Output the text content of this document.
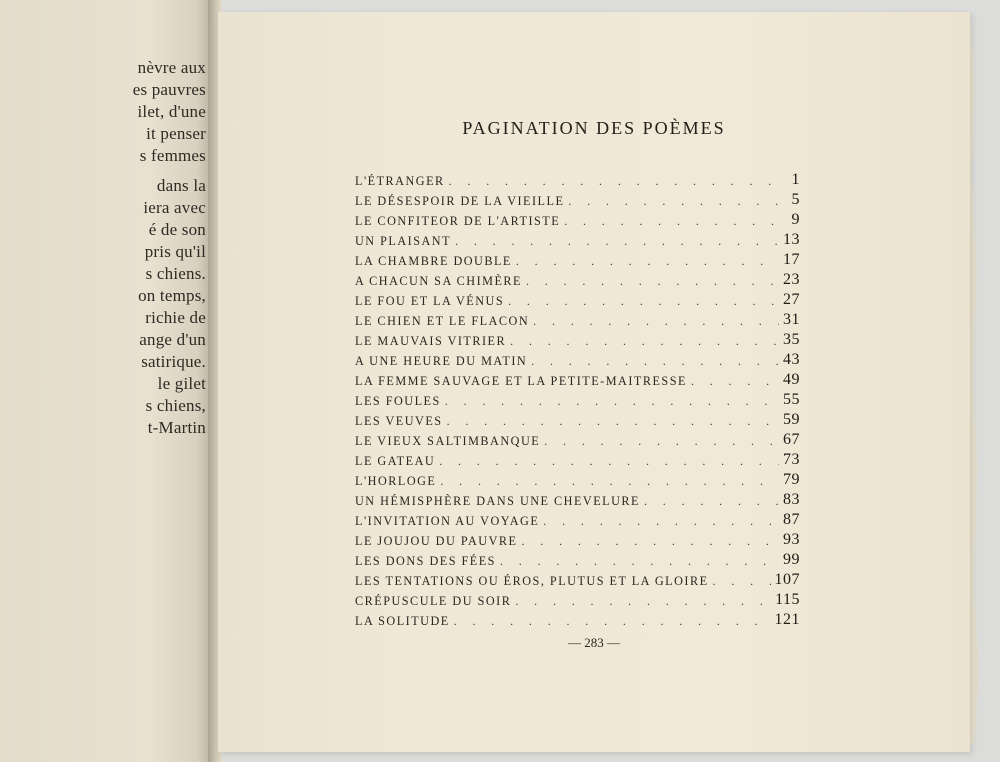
nèvre aux
es pauvres
ilet, d'une
it penser
s femmes
dans la
iera avec
é de son
pris qu'il
s chiens.
on temps,
richie de
ange d'un
satirique.
le gilet
s chiens,
t-Martin
PAGINATION DES POÈMES
L'ÉTRANGER . . .	1
LE DÉSESPOIR DE LA VIEILLE . . .	5
LE CONFITEOR DE L'ARTISTE . . .	9
UN PLAISANT . . .	13
LA CHAMBRE DOUBLE . . .	17
A CHACUN SA CHIMÈRE . . .	23
LE FOU ET LA VÉNUS . . .	27
LE CHIEN ET LE FLACON . . .	31
LE MAUVAIS VITRIER . . .	35
A UNE HEURE DU MATIN . . .	43
LA FEMME SAUVAGE ET LA PETITE-MAITRESSE . . .	49
LES FOULES . . .	55
LES VEUVES . . .	59
LE VIEUX SALTIMBANQUE . . .	67
LE GATEAU . . .	73
L'HORLOGE . . .	79
UN HÉMISPHÈRE DANS UNE CHEVELURE . . .	83
L'INVITATION AU VOYAGE . . .	87
LE JOUJOU DU PAUVRE . . .	93
LES DONS DES FÉES . . .	99
LES TENTATIONS OU ÉROS, PLUTUS ET LA GLOIRE . . .	107
CRÉPUSCULE DU SOIR . . .	115
LA SOLITUDE . . .	121
— 283 —
